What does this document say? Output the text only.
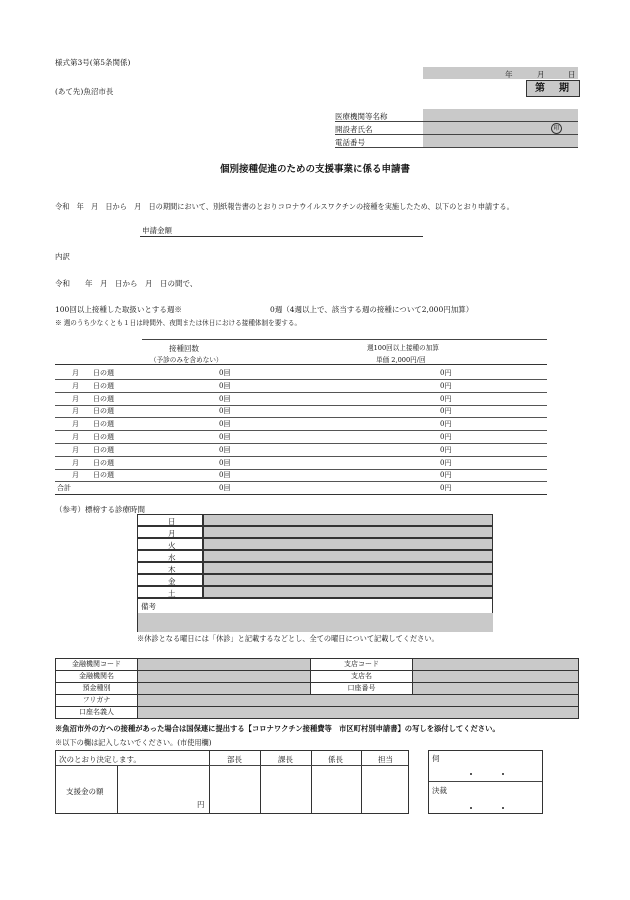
様式第3号(第5条関係)
(あて先)魚沼市長
年	月	日
第　期
医療機関等名称
開設者氏名	印
電話番号
個別接種促進のための支援事業に係る申請書
令和　年　月　日から　月　日の期間において、別紙報告書のとおりコロナウイルスワクチンの接種を実施したため、以下のとおり申請する。
申請金額
内訳
令和　　年　月　日から　月　日の間で、
100回以上接種した取扱いとする週※	0週（4週以上で、該当する週の接種について2,000円加算）
※ 週のうち少なくとも１日は時間外、夜間または休日における接種体制を要する。
接種回数
（予診のみを含めない）
週100回以上接種の加算
単価 2,000円/回
月　　日の週	0回	0円
月　　日の週	0回	0円
月　　日の週	0回	0円
月　　日の週	0回	0円
月　　日の週	0回	0円
月　　日の週	0回	0円
月　　日の週	0回	0円
月　　日の週	0回	0円
月　　日の週	0回	0円
合計	0回	0円
（参考）標榜する診療時間
日
月
火
水
木
金
土
備考
※休診となる曜日には「休診」と記載するなどとし、全ての曜日について記載してください。
金融機関コード		支店コード	
金融機関名		支店名	
預金種別		口座番号	
フリガナ			
口座名義人			
※魚沼市外の方への接種があった場合は国保連に提出する【コロナワクチン接種費等　市区町村別申請書】の写しを添付してください。
※以下の欄は記入しないでください。(市使用欄)
次のとおり決定します。	部長	課長	係長	担当
支援金の額
円
伺
決裁
